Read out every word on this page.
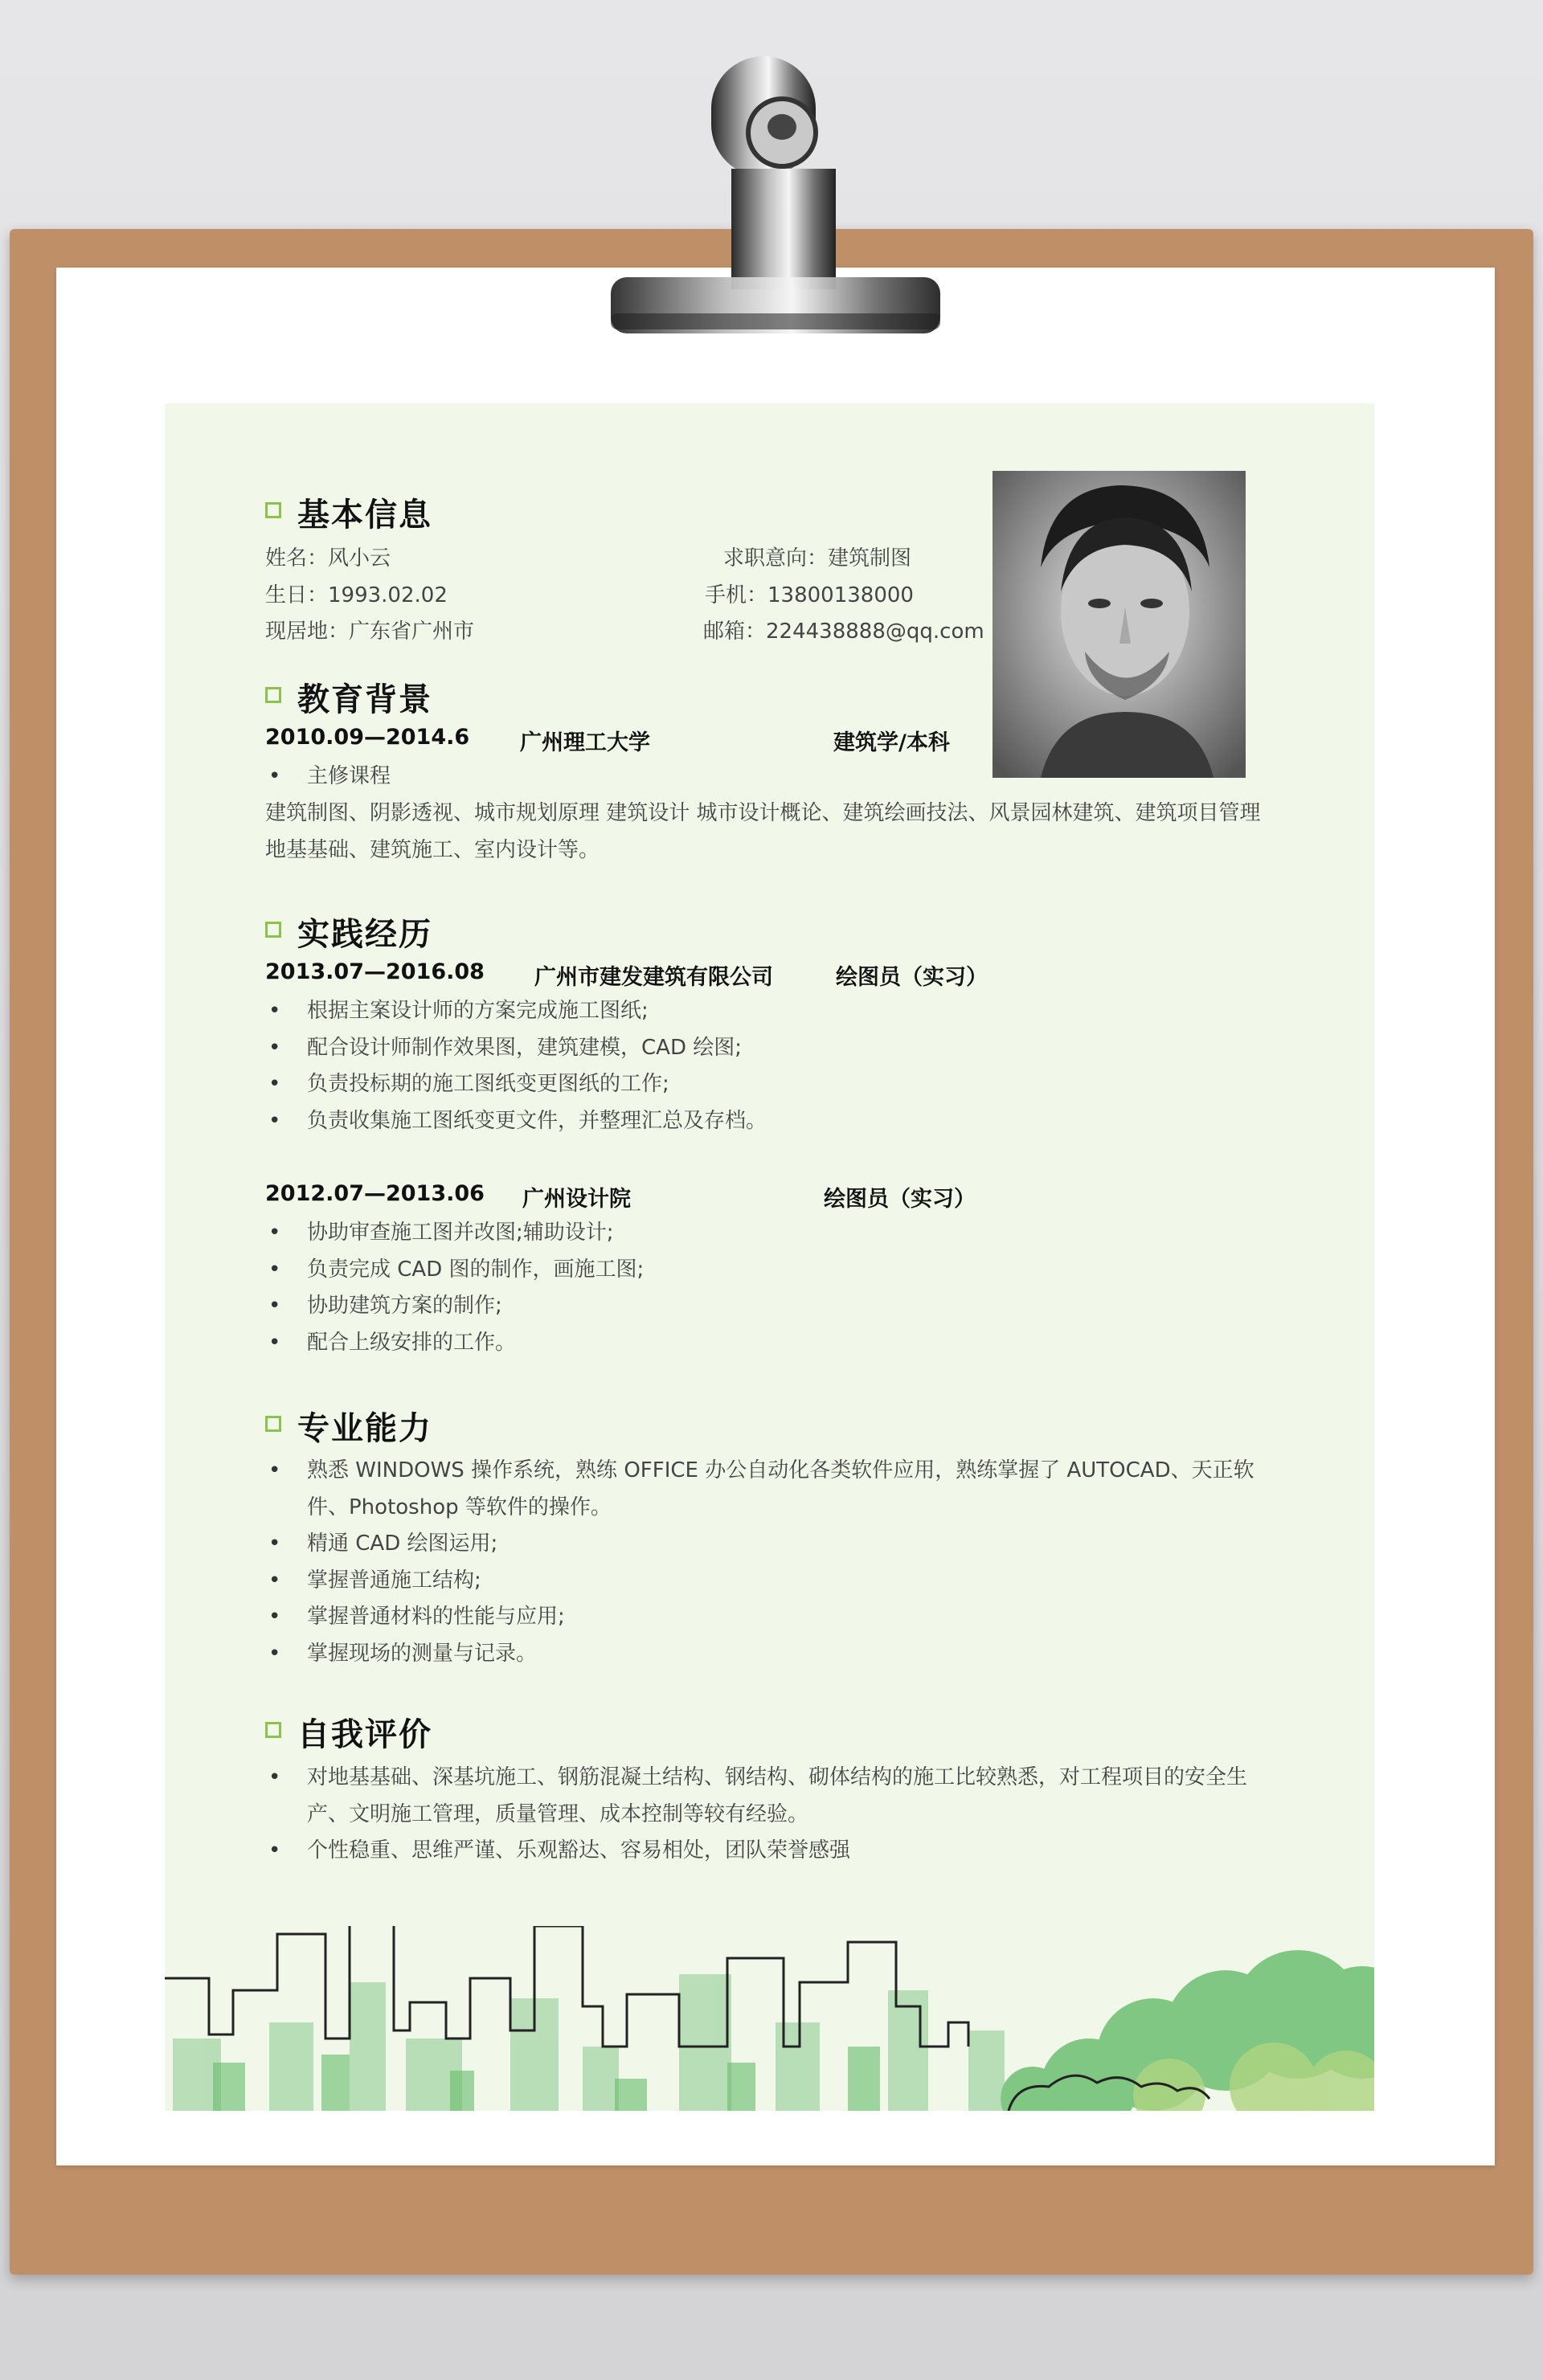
基本信息
姓名：风小云	求职意向：建筑制图
生日：1993.02.02	手机：13800138000
现居地：广东省广州市	邮箱：224438888@qq.com
教育背景
2010.09—2014.6 广州理工大学	建筑学/本科
• 主修课程
建筑制图、阴影透视、城市规划原理 建筑设计 城市设计概论、建筑绘画技法、风景园林建筑、建筑项目管理 地基基础、建筑施工、室内设计等。
实践经历
2013.07—2016.08 广州市建发建筑有限公司	绘图员（实习）
• 根据主案设计师的方案完成施工图纸;
• 配合设计师制作效果图，建筑建模，CAD 绘图;
• 负责投标期的施工图纸变更图纸的工作;
• 负责收集施工图纸变更文件，并整理汇总及存档。
2012.07—2013.06 广州设计院	绘图员（实习）
• 协助审查施工图并改图;辅助设计;
• 负责完成 CAD 图的制作，画施工图;
• 协助建筑方案的制作;
• 配合上级安排的工作。
专业能力
• 熟悉 WINDOWS 操作系统，熟练 OFFICE 办公自动化各类软件应用，熟练掌握了 AUTOCAD、天正软件、Photoshop 等软件的操作。
• 精通 CAD 绘图运用;
• 掌握普通施工结构;
• 掌握普通材料的性能与应用;
• 掌握现场的测量与记录。
自我评价
• 对地基基础、深基坑施工、钢筋混凝土结构、钢结构、砌体结构的施工比较熟悉，对工程项目的安全生产、文明施工管理，质量管理、成本控制等较有经验。
• 个性稳重、思维严谨、乐观豁达、容易相处，团队荣誉感强
